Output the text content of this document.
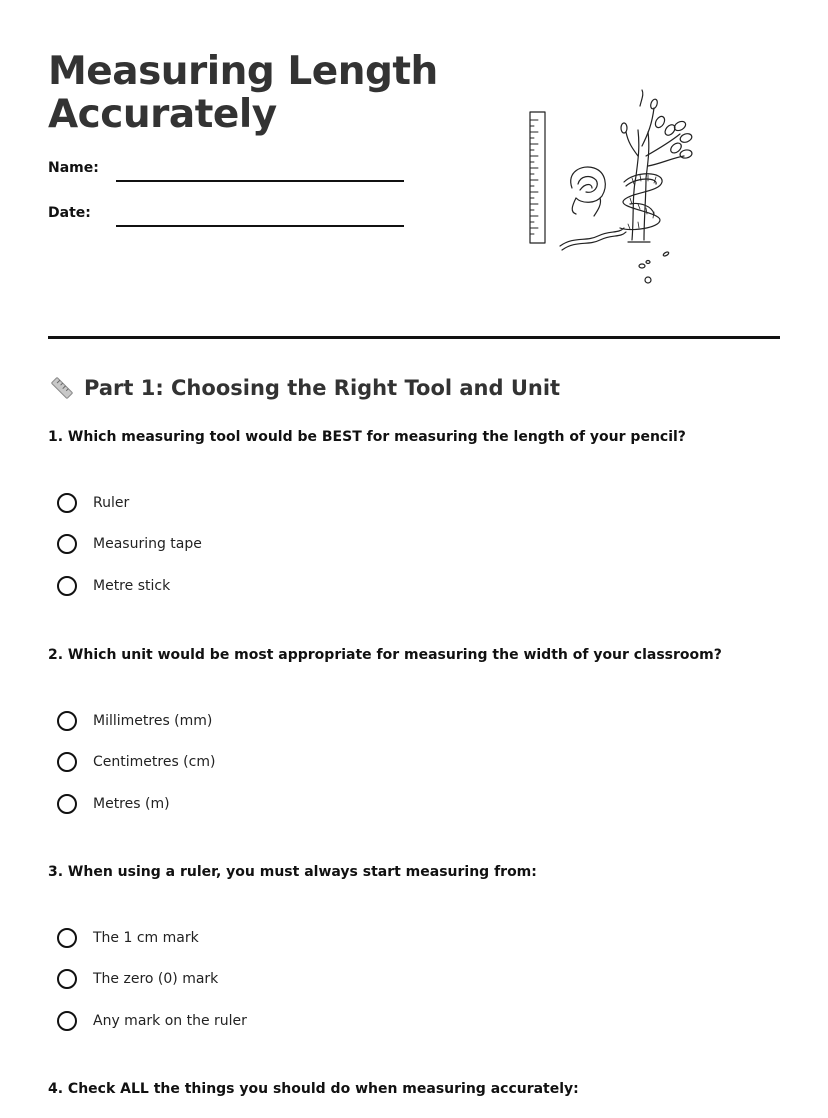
Measuring Length
Accurately
Name:
Date:
Part 1: Choosing the Right Tool and Unit
1. Which measuring tool would be BEST for measuring the length of your pencil?
Ruler
Measuring tape
Metre stick
2. Which unit would be most appropriate for measuring the width of your classroom?
Millimetres (mm)
Centimetres (cm)
Metres (m)
3. When using a ruler, you must always start measuring from:
The 1 cm mark
The zero (0) mark
Any mark on the ruler
4. Check ALL the things you should do when measuring accurately:
